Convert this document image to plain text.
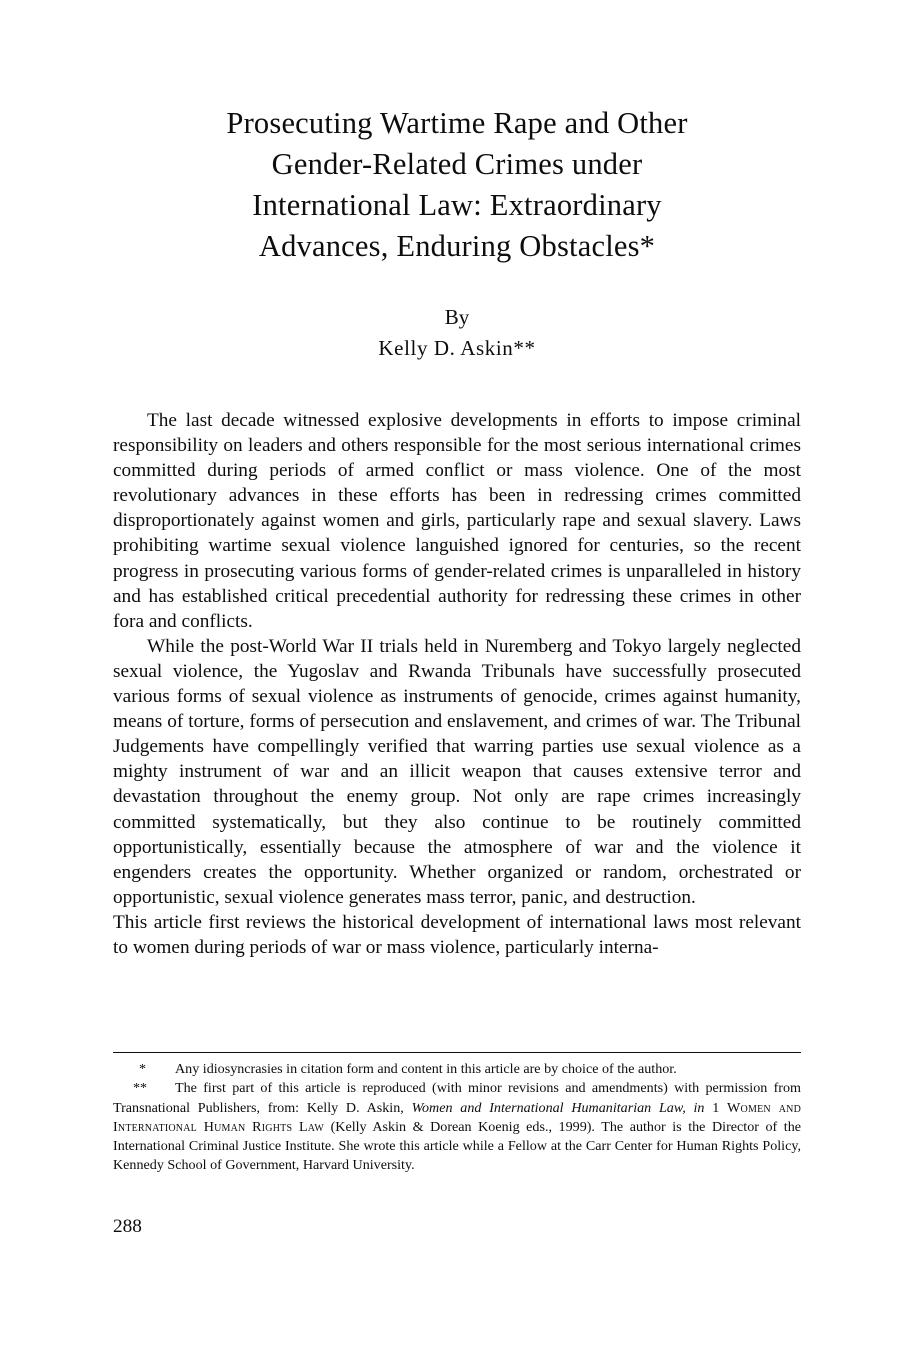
Prosecuting Wartime Rape and Other
Gender-Related Crimes under
International Law: Extraordinary
Advances, Enduring Obstacles*
By
Kelly D. Askin**

The last decade witnessed explosive developments in efforts to impose criminal responsibility on leaders and others responsible for the most serious international crimes committed during periods of armed conflict or mass violence. One of the most revolutionary advances in these efforts has been in redressing crimes committed disproportionately against women and girls, particularly rape and sexual slavery. Laws prohibiting wartime sexual violence languished ignored for centuries, so the recent progress in prosecuting various forms of gender-related crimes is unparalleled in history and has established critical precedential authority for redressing these crimes in other fora and conflicts.

While the post-World War II trials held in Nuremberg and Tokyo largely neglected sexual violence, the Yugoslav and Rwanda Tribunals have successfully prosecuted various forms of sexual violence as instruments of genocide, crimes against humanity, means of torture, forms of persecution and enslavement, and crimes of war. The Tribunal Judgements have compellingly verified that warring parties use sexual violence as a mighty instrument of war and an illicit weapon that causes extensive terror and devastation throughout the enemy group. Not only are rape crimes increasingly committed systematically, but they also continue to be routinely committed opportunistically, essentially because the atmosphere of war and the violence it engenders creates the opportunity. Whether organized or random, orchestrated or opportunistic, sexual violence generates mass terror, panic, and destruction.

This article first reviews the historical development of international laws most relevant to women during periods of war or mass violence, particularly interna-

* Any idiosyncrasies in citation form and content in this article are by choice of the author.

** The first part of this article is reproduced (with minor revisions and amendments) with permission from Transnational Publishers, from: Kelly D. Askin, Women and International Humanitarian Law, in 1 Women and International Human Rights Law (Kelly Askin & Dorean Koenig eds., 1999). The author is the Director of the International Criminal Justice Institute. She wrote this article while a Fellow at the Carr Center for Human Rights Policy, Kennedy School of Government, Harvard University.

288
